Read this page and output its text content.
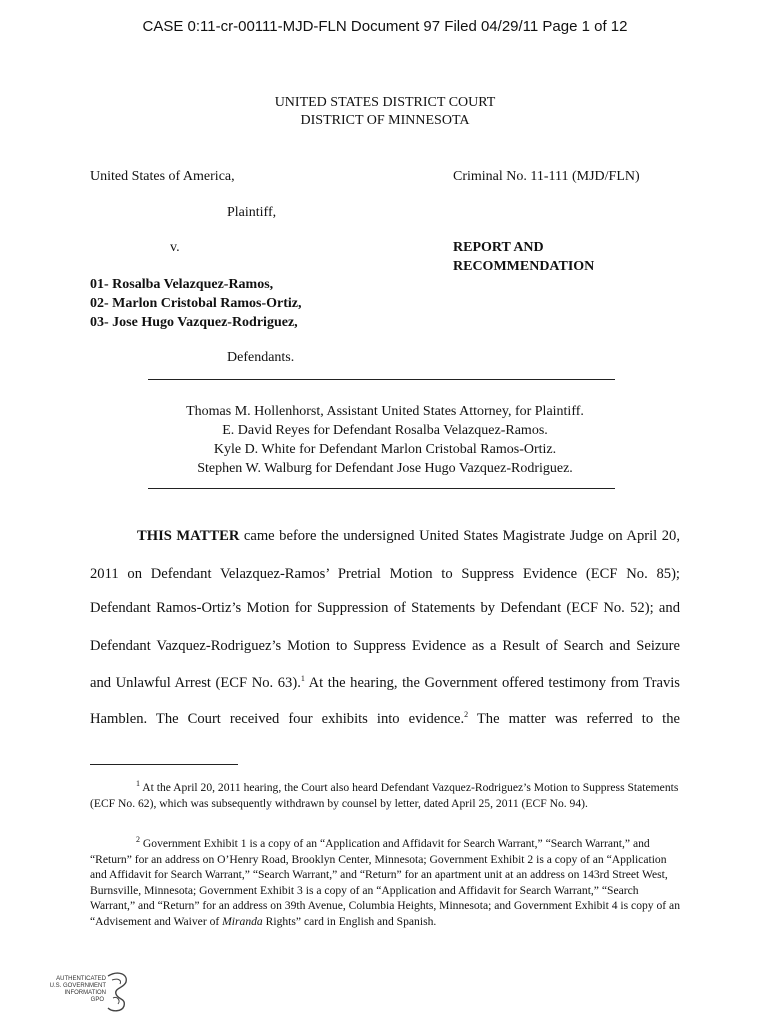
CASE 0:11-cr-00111-MJD-FLN Document 97 Filed 04/29/11 Page 1 of 12
UNITED STATES DISTRICT COURT
DISTRICT OF MINNESOTA
United States of America,
Plaintiff,
v.
01- Rosalba Velazquez-Ramos,
02- Marlon Cristobal Ramos-Ortiz,
03- Jose Hugo Vazquez-Rodriguez,
Defendants.
Criminal No. 11-111 (MJD/FLN)
REPORT AND
RECOMMENDATION
Thomas M. Hollenhorst, Assistant United States Attorney, for Plaintiff.
E. David Reyes for Defendant Rosalba Velazquez-Ramos.
Kyle D. White for Defendant Marlon Cristobal Ramos-Ortiz.
Stephen W. Walburg for Defendant Jose Hugo Vazquez-Rodriguez.
THIS MATTER came before the undersigned United States Magistrate Judge on April 20,
2011 on Defendant Velazquez-Ramos’ Pretrial Motion to Suppress Evidence (ECF No. 85);
Defendant Ramos-Ortiz’s Motion for Suppression of Statements by Defendant (ECF No. 52); and
Defendant Vazquez-Rodriguez’s Motion to Suppress Evidence as a Result of Search and Seizure
and Unlawful Arrest (ECF No. 63).$^1$ At the hearing, the Government offered testimony from Travis
Hamblen. The Court received four exhibits into evidence.$^2$ The matter was referred to the
$^1$ At the April 20, 2011 hearing, the Court also heard Defendant Vazquez-Rodriguez’s Motion to Suppress Statements (ECF No. 62), which was subsequently withdrawn by counsel by letter, dated April 25, 2011 (ECF No. 94).
$^2$ Government Exhibit 1 is a copy of an “Application and Affidavit for Search Warrant,” “Search Warrant,” and “Return” for an address on O’Henry Road, Brooklyn Center, Minnesota; Government Exhibit 2 is a copy of an “Application and Affidavit for Search Warrant,” “Search Warrant,” and “Return” for an apartment unit at an address on 143rd Street West, Burnsville, Minnesota; Government Exhibit 3 is a copy of an “Application and Affidavit for Search Warrant,” “Search Warrant,” and “Return” for an address on 39th Avenue, Columbia Heights, Minnesota; and Government Exhibit 4 is copy of an “Advisement and Waiver of Miranda Rights” card in English and Spanish.
AUTHENTICATED
U.S. GOVERNMENT
INFORMATION
GPO
